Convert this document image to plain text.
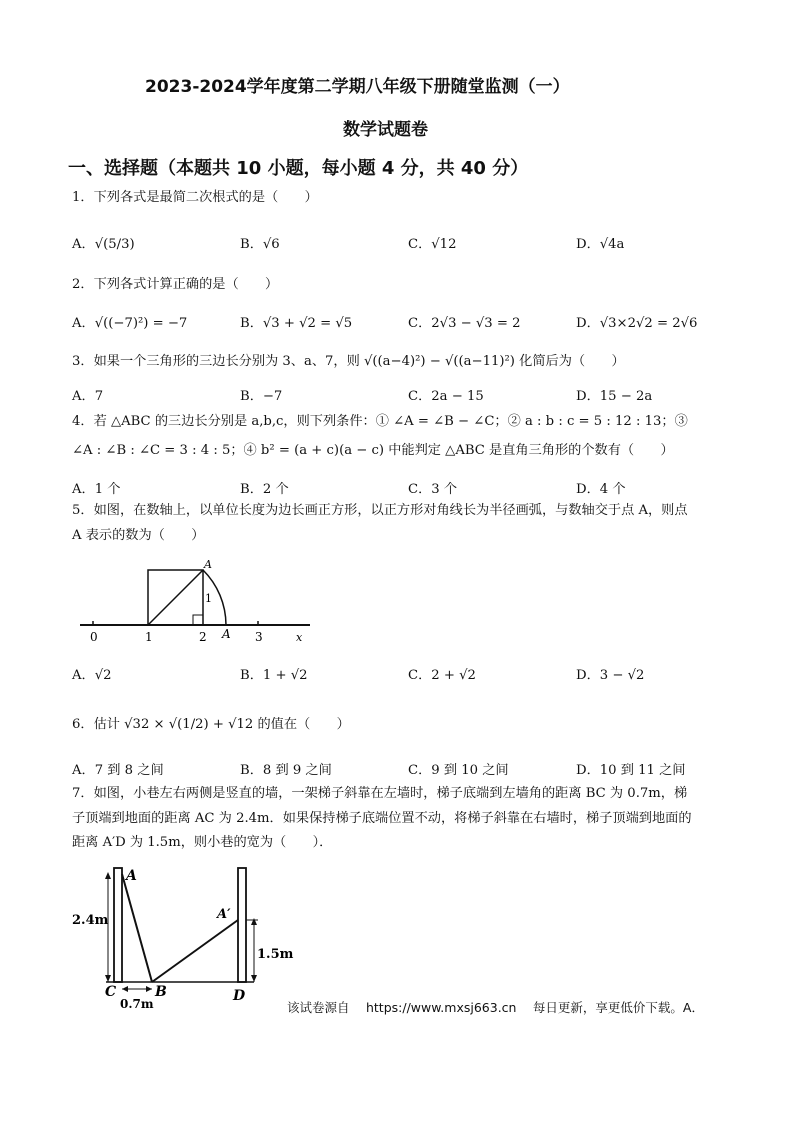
2023-2024学年度第二学期八年级下册随堂监测（一）
数学试题卷
一、选择题（本题共 10 小题，每小题 4 分，共 40 分）
1．下列各式是最简二次根式的是（　　）
A．√(5/3)	B．√6	C．√12	D．√4a
2．下列各式计算正确的是（　　）
A．√((−7)²) = −7	B．√3 + √2 = √5	C．2√3 − √3 = 2	D．√3×2√2 = 2√6
3．如果一个三角形的三边长分别为 3、a、7，则 √((a−4)²) − √((a−11)²) 化简后为（　　）
A．7	B．−7	C．2a − 15	D．15 − 2a
4．若 △ABC 的三边长分别是 a,b,c，则下列条件：① ∠A = ∠B − ∠C；② a : b : c = 5 : 12 : 13；③
∠A : ∠B : ∠C = 3 : 4 : 5；④ b² = (a + c)(a − c) 中能判定 △ABC 是直角三角形的个数有（　　）
A．1 个	B．2 个	C．3 个	D．4 个
5．如图，在数轴上，以单位长度为边长画正方形，以正方形对角线长为半径画弧，与数轴交于点 A，则点
A 表示的数为（　　）
0	1	2 A 3	x
A
1
A．√2	B．1 + √2	C．2 + √2	D．3 − √2
6．估计 √32 × √(1/2) + √12 的值在（　　）
A．7 到 8 之间	B．8 到 9 之间	C．9 到 10 之间	D．10 到 11 之间
7．如图，小巷左右两侧是竖直的墙，一架梯子斜靠在左墙时，梯子底端到左墙角的距离 BC 为 0.7m，梯
子顶端到地面的距离 AC 为 2.4m．如果保持梯子底端位置不动，将梯子斜靠在右墙时，梯子顶端到地面的
距离 A′D 为 1.5m，则小巷的宽为（　　）．
A
A′
2.4m
1.5m
C	B	D
0.7m	该试卷源自　 https://www.mxsj663.cn　 每日更新，享更低价下载。A．
